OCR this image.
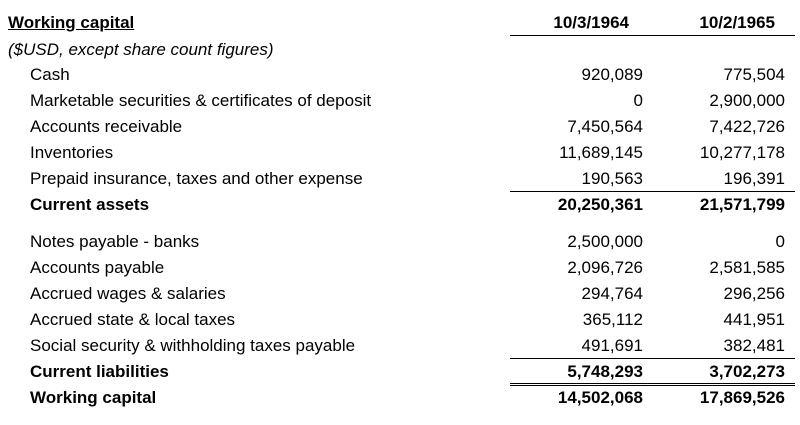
Working capital	10/3/1964	10/2/1965
($USD, except share count figures)
Cash	920,089	775,504
Marketable securities & certificates of deposit	0	2,900,000
Accounts receivable	7,450,564	7,422,726
Inventories	11,689,145	10,277,178
Prepaid insurance, taxes and other expense	190,563	196,391
Current assets	20,250,361	21,571,799
Notes payable - banks	2,500,000	0
Accounts payable	2,096,726	2,581,585
Accrued wages & salaries	294,764	296,256
Accrued state & local taxes	365,112	441,951
Social security & withholding taxes payable	491,691	382,481
Current liabilities	5,748,293	3,702,273
Working capital	14,502,068	17,869,526
